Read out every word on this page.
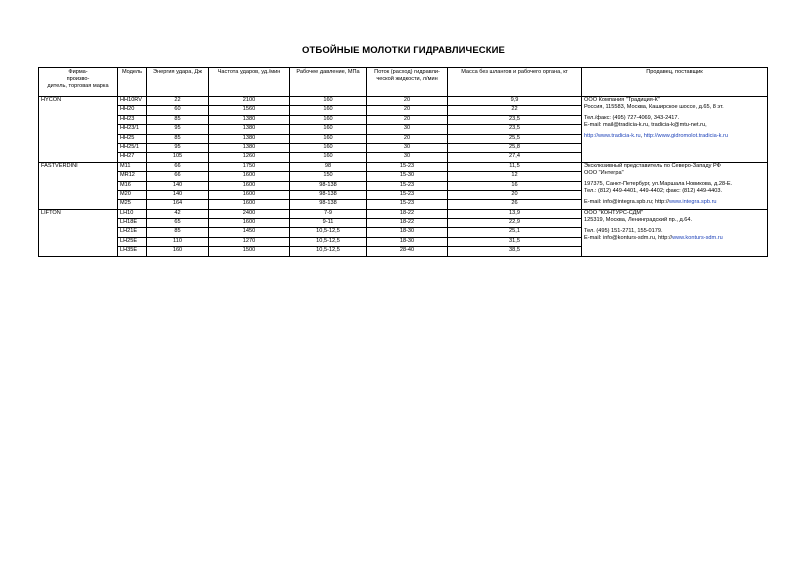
ОТБОЙНЫЕ МОЛОТКИ ГИДРАВЛИЧЕСКИЕ
Фирма-
произво-
дитель, торговая марка	Модель	Энергия удара, Дж	Частота ударов, уд./мин	Рабочее давление, МПа	Поток (расход) гидравли-
ческой жидкости, л/мин	Масса без шлангов и рабочего органа, кг	Продавец, поставщик
HYCON	HH10RV	22	2100	160	20	9,9	ООО Компания "Традиция-К"
Россия, 115583, Москва, Каширское шоссе, д.65, 8 эт.
Тел./факс: (495) 727-4069, 343-2417.
E-mail: mail@tradicia-k.ru, tradicia-k@mtu-net.ru,
http://www.tradicia-k.ru, http://www.gidromolot.tradicia-k.ru

	HH20	60	1560	160	20	22	
	HH23	85	1380	160	20	23,5	
	HH23/1	95	1380	160	30	23,5	
	HH25	85	1380	160	20	25,5	
	HH25/1	95	1380	160	30	25,8	
	HH27	105	1260	160	30	27,4	
FASTVERDINI	M11	66	1750	98	15-23	11,5	Эксклюзивный представитель по Северо-Западу РФ
ООО "Интегра"
197375, Санкт-Петербург, ул.Маршала Новикова, д.28-Е.
Тел.: (812) 449-4401, 449-4402; факс: (812) 449-4403.
E-mail: info@integra.spb.ru; http://www.integra.spb.ru

	MR12	66	1600	150	15-30	12	
	M16	140	1600	98-138	15-23	16	
	M20	140	1600	98-138	15-23	20	
	M25	164	1600	98-138	15-23	26	
LIFTON	LH10	42	2400	7-9	18-22	13,9	ООО "КОНТУРС-СДМ"
125319, Москва, Ленинградский пр., д.64.
Тел. (495) 151-2711, 155-0179.
E-mail: info@konturs-sdm.ru, http://www.konturs-sdm.ru

	LH18E	65	1600	9-11	18-22	22,9	
	LH21E	85	1450	10,5-12,5	18-30	25,1	
	LH25E	110	1270	10,5-12,5	18-30	31,5	
	LH35E	160	1500	10,5-12,5	28-40	38,5	
